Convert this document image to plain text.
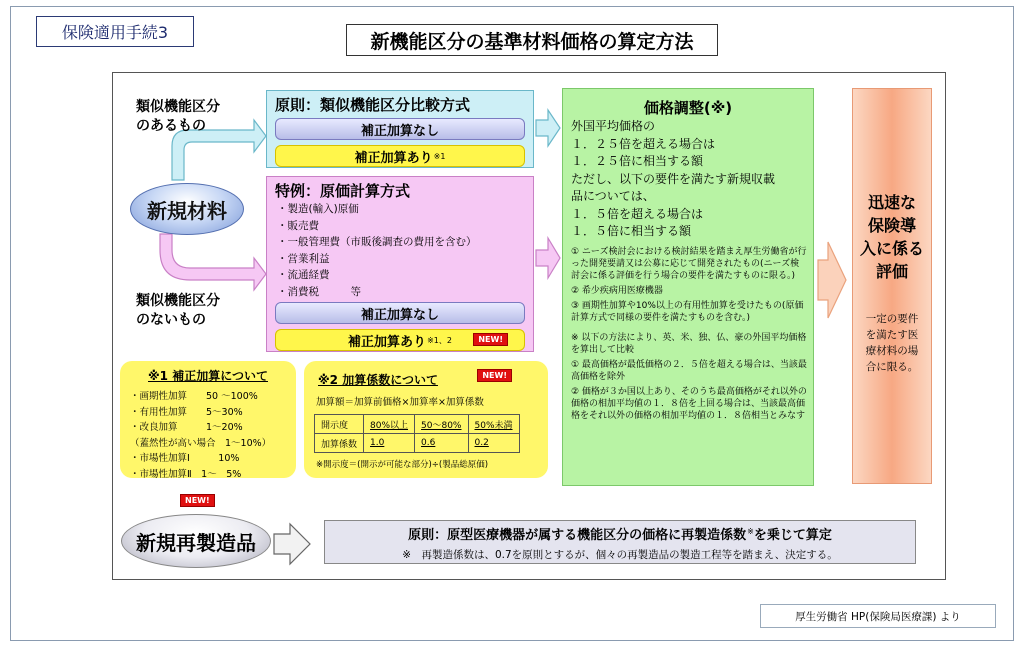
保険適用手続3	新機能区分の基準材料価格の算定方法
類似機能区分
のあるもの
類似機能区分
のないもの
新規材料
原則：類似機能区分比較方式
補正加算なし
補正加算あり ※1
特例：原価計算方式
・製造(輸入)原価
・販売費
・一般管理費（市販後調査の費用を含む）
・営業利益
・流通経費
・消費税　　　等
補正加算なし
補正加算あり ※1、2	NEW!
価格調整(※)
外国平均価格の
１．２５倍を超える場合は
１．２５倍に相当する額
ただし、以下の要件を満たす新規収載
品については、
１．５倍を超える場合は
１．５倍に相当する額
① ニーズ検討会における検討結果を踏まえ厚生労働省が行った開発要請又は公募に応じて開発されたもの(ニーズ検討会に係る評価を行う場合の要件を満たすものに限る。)
② 希少疾病用医療機器
③ 画期性加算や10%以上の有用性加算を受けたもの(原価計算方式で同様の要件を満たすものを含む。)
※ 以下の方法により、英、米、独、仏、豪の外国平均価格を算出して比較
① 最高価格が最低価格の２．５倍を超える場合は、当該最高価格を除外
② 価格が３か国以上あり、そのうち最高価格がそれ以外の価格の相加平均値の１．８倍を上回る場合は、当該最高価格をそれ以外の価格の相加平均値の１．８倍相当とみなす
迅速な
保険導
入に係る
評価
一定の要件
を満たす医
療材料の場
合に限る。
※1 補正加算について
・画期性加算　　50 ～100%
・有用性加算　　5～30%
・改良加算　　　1～20%
（蓋然性が高い場合　1～10%）
・市場性加算Ⅰ　　　10%
・市場性加算Ⅱ　1～　5%
※2 加算係数について	NEW!
加算額＝加算前価格×加算率×加算係数
開示度	80%以上	50～80%	50%未満
加算係数	1.0	0.6	0.2
※開示度＝(開示が可能な部分)÷(製品総原価)
NEW!
新規再製造品	原則：原型医療機器が属する機能区分の価格に再製造係数※を乗じて算定
※　再製造係数は、0.7を原則とするが、個々の再製造品の製造工程等を踏まえ、決定する。
厚生労働省 HP(保険局医療課) より
